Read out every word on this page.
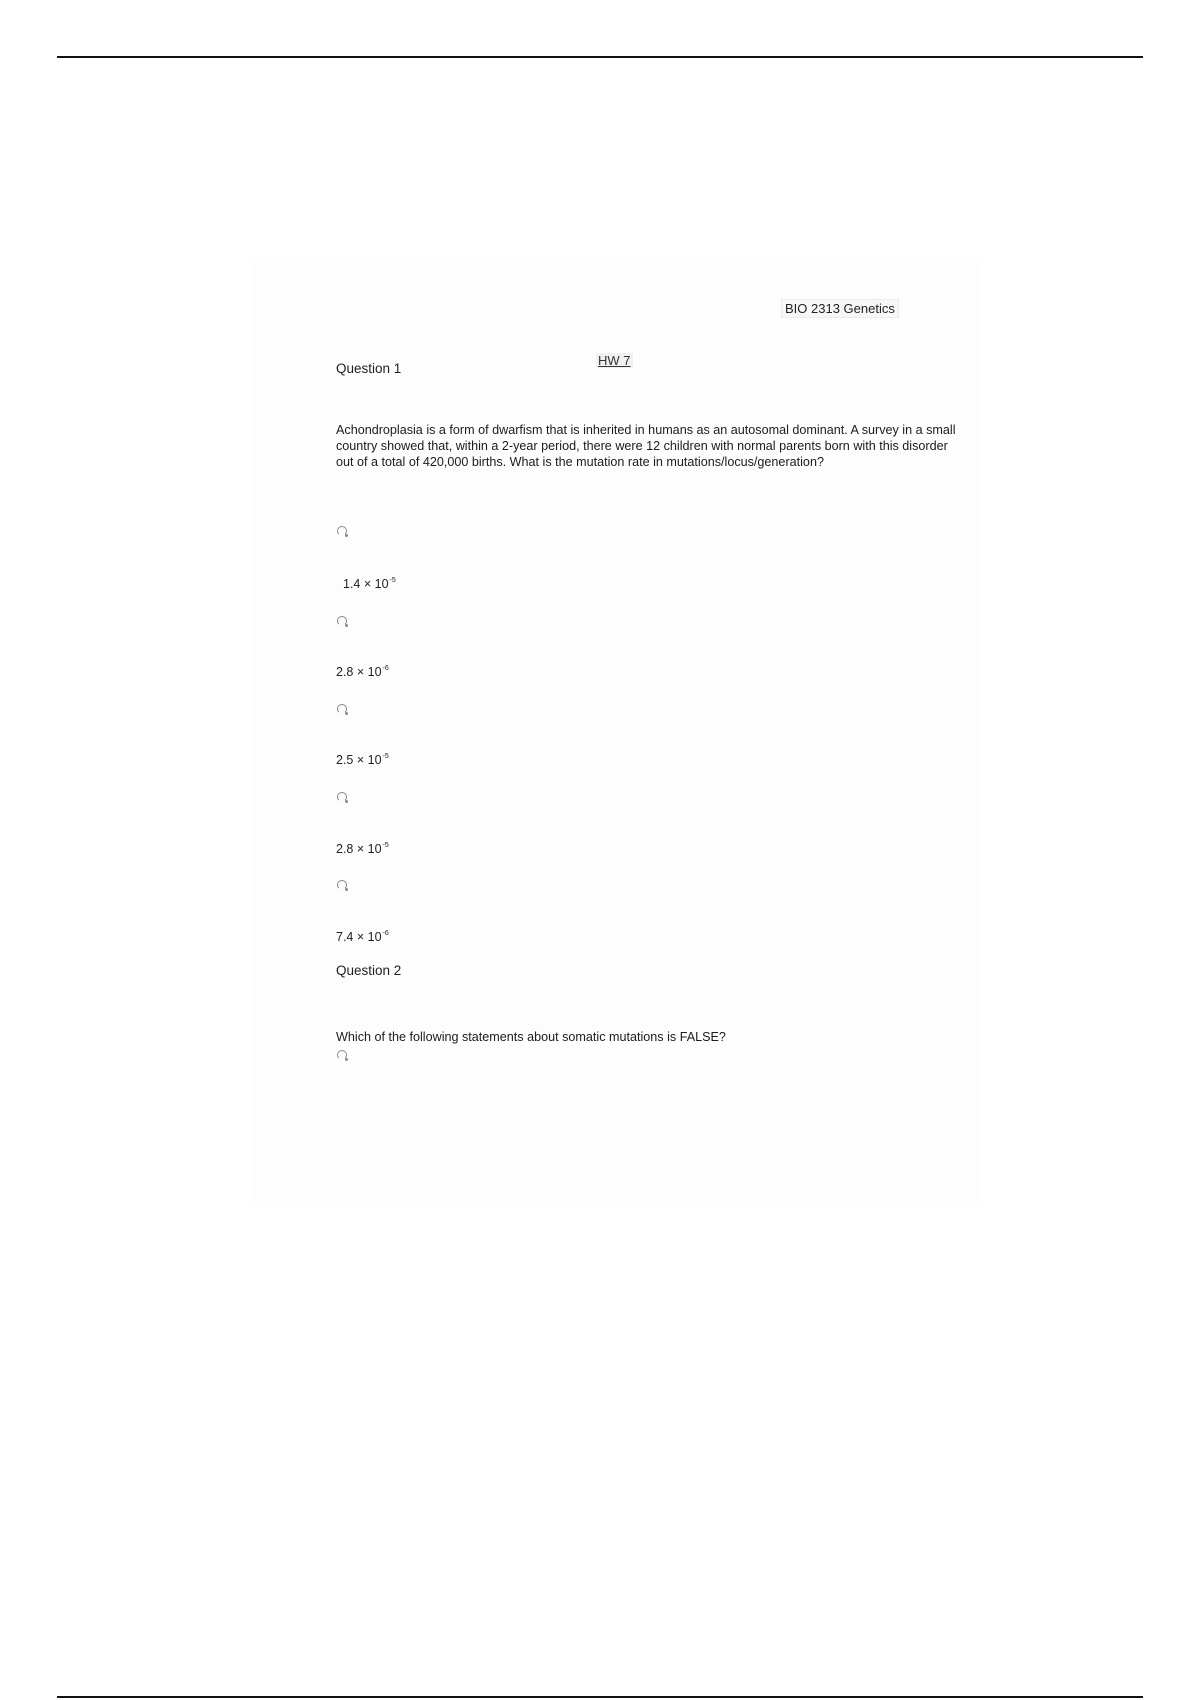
BIO 2313 Genetics
HW 7
Question 1
Achondroplasia is a form of dwarfism that is inherited in humans as an autosomal dominant. A survey in a small country showed that, within a 2-year period, there were 12 children with normal parents born with this disorder out of a total of 420,000 births. What is the mutation rate in mutations/locus/generation?
$1.4 \times 10^{-5}$
$2.8 \times 10^{-6}$
$2.5 \times 10^{-5}$
$2.8 \times 10^{-5}$
$7.4 \times 10^{-6}$
Question 2
Which of the following statements about somatic mutations is FALSE?
